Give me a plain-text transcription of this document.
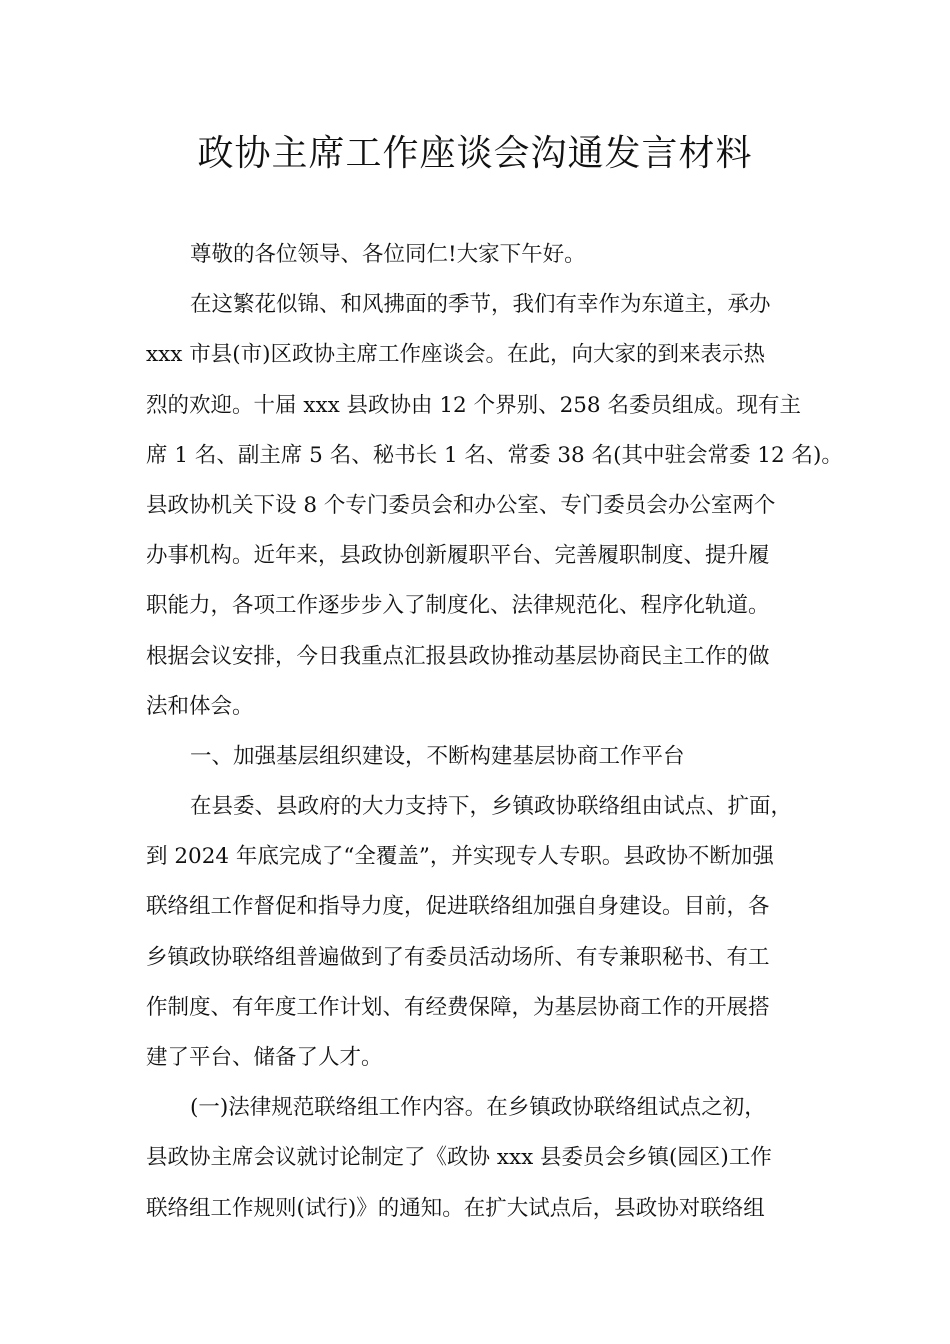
政协主席工作座谈会沟通发言材料
尊敬的各位领导、各位同仁!大家下午好。
在这繁花似锦、和风拂面的季节，我们有幸作为东道主，承办
xxx 市县(市)区政协主席工作座谈会。在此，向大家的到来表示热
烈的欢迎。十届 xxx 县政协由 12 个界别、258 名委员组成。现有主
席 1 名、副主席 5 名、秘书长 1 名、常委 38 名(其中驻会常委 12 名)。
县政协机关下设 8 个专门委员会和办公室、专门委员会办公室两个
办事机构。近年来，县政协创新履职平台、完善履职制度、提升履
职能力，各项工作逐步步入了制度化、法律规范化、程序化轨道。
根据会议安排，今日我重点汇报县政协推动基层协商民主工作的做
法和体会。
一、加强基层组织建设，不断构建基层协商工作平台
在县委、县政府的大力支持下，乡镇政协联络组由试点、扩面，
到 2024 年底完成了“全覆盖”，并实现专人专职。县政协不断加强
联络组工作督促和指导力度，促进联络组加强自身建设。目前，各
乡镇政协联络组普遍做到了有委员活动场所、有专兼职秘书、有工
作制度、有年度工作计划、有经费保障，为基层协商工作的开展搭
建了平台、储备了人才。
(一)法律规范联络组工作内容。在乡镇政协联络组试点之初，
县政协主席会议就讨论制定了《政协 xxx 县委员会乡镇(园区)工作
联络组工作规则(试行)》的通知。在扩大试点后，县政协对联络组
